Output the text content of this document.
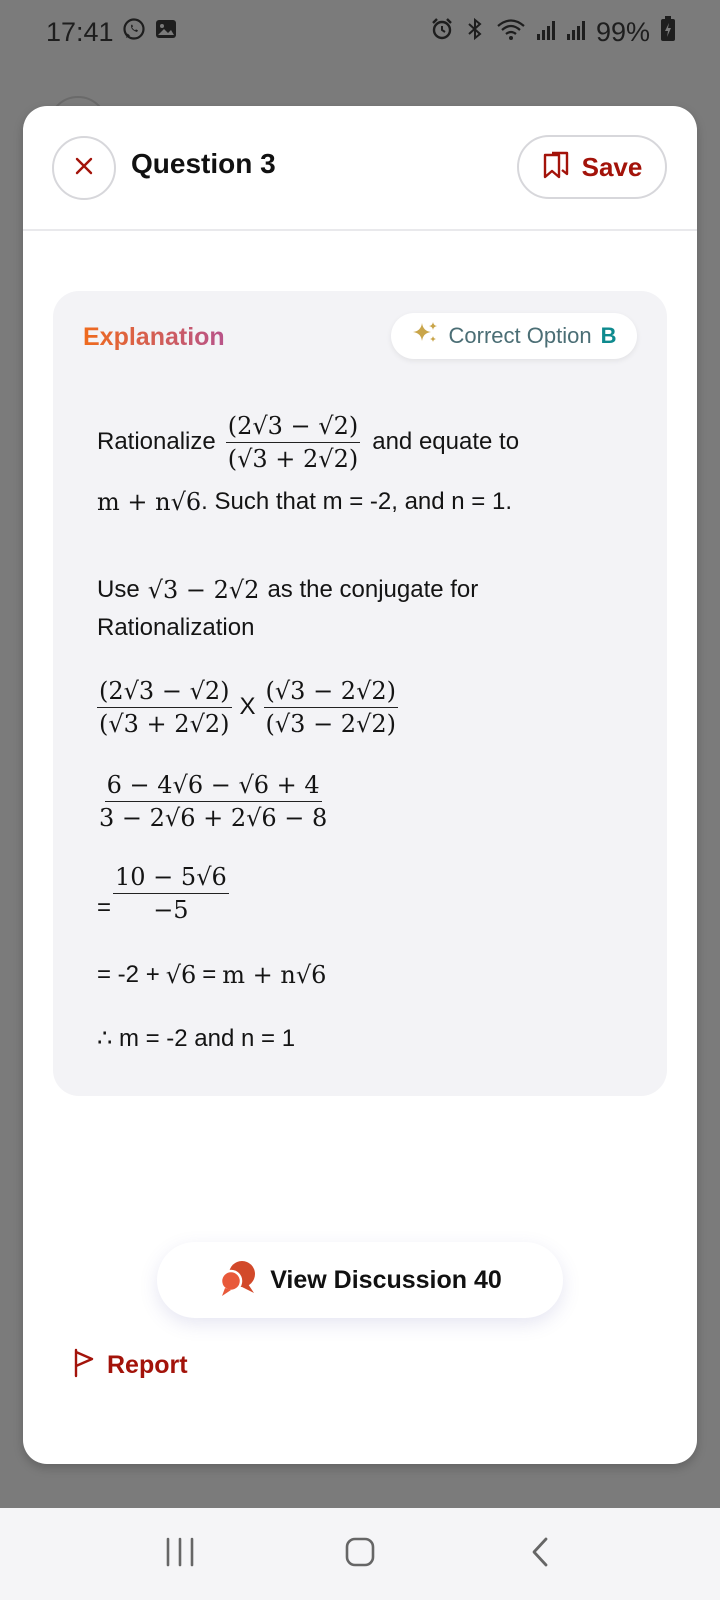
17:41	99%
Question 3	Save
Explanation	Correct Option B
Rationalize $\frac{(2√3 - √2)}{(√3 + 2√2)}$ and equate to
m + n√6 . Such that m = -2, and n = 1.
Use √3 − 2√2 as the conjugate for
Rationalization
$\frac{(2√3 - √2)}{(√3 + 2√2)}$ X $\frac{(√3 - 2√2)}{(√3 - 2√2)}$
$\frac{6 - 4√6 - √6 + 4}{3 - 2√6 + 2√6 - 8}$
= $\frac{10 - 5√6}{-5}$
= -2 + √6 = m + n√6
∴ m = -2 and n = 1
View Discussion 40
Report
